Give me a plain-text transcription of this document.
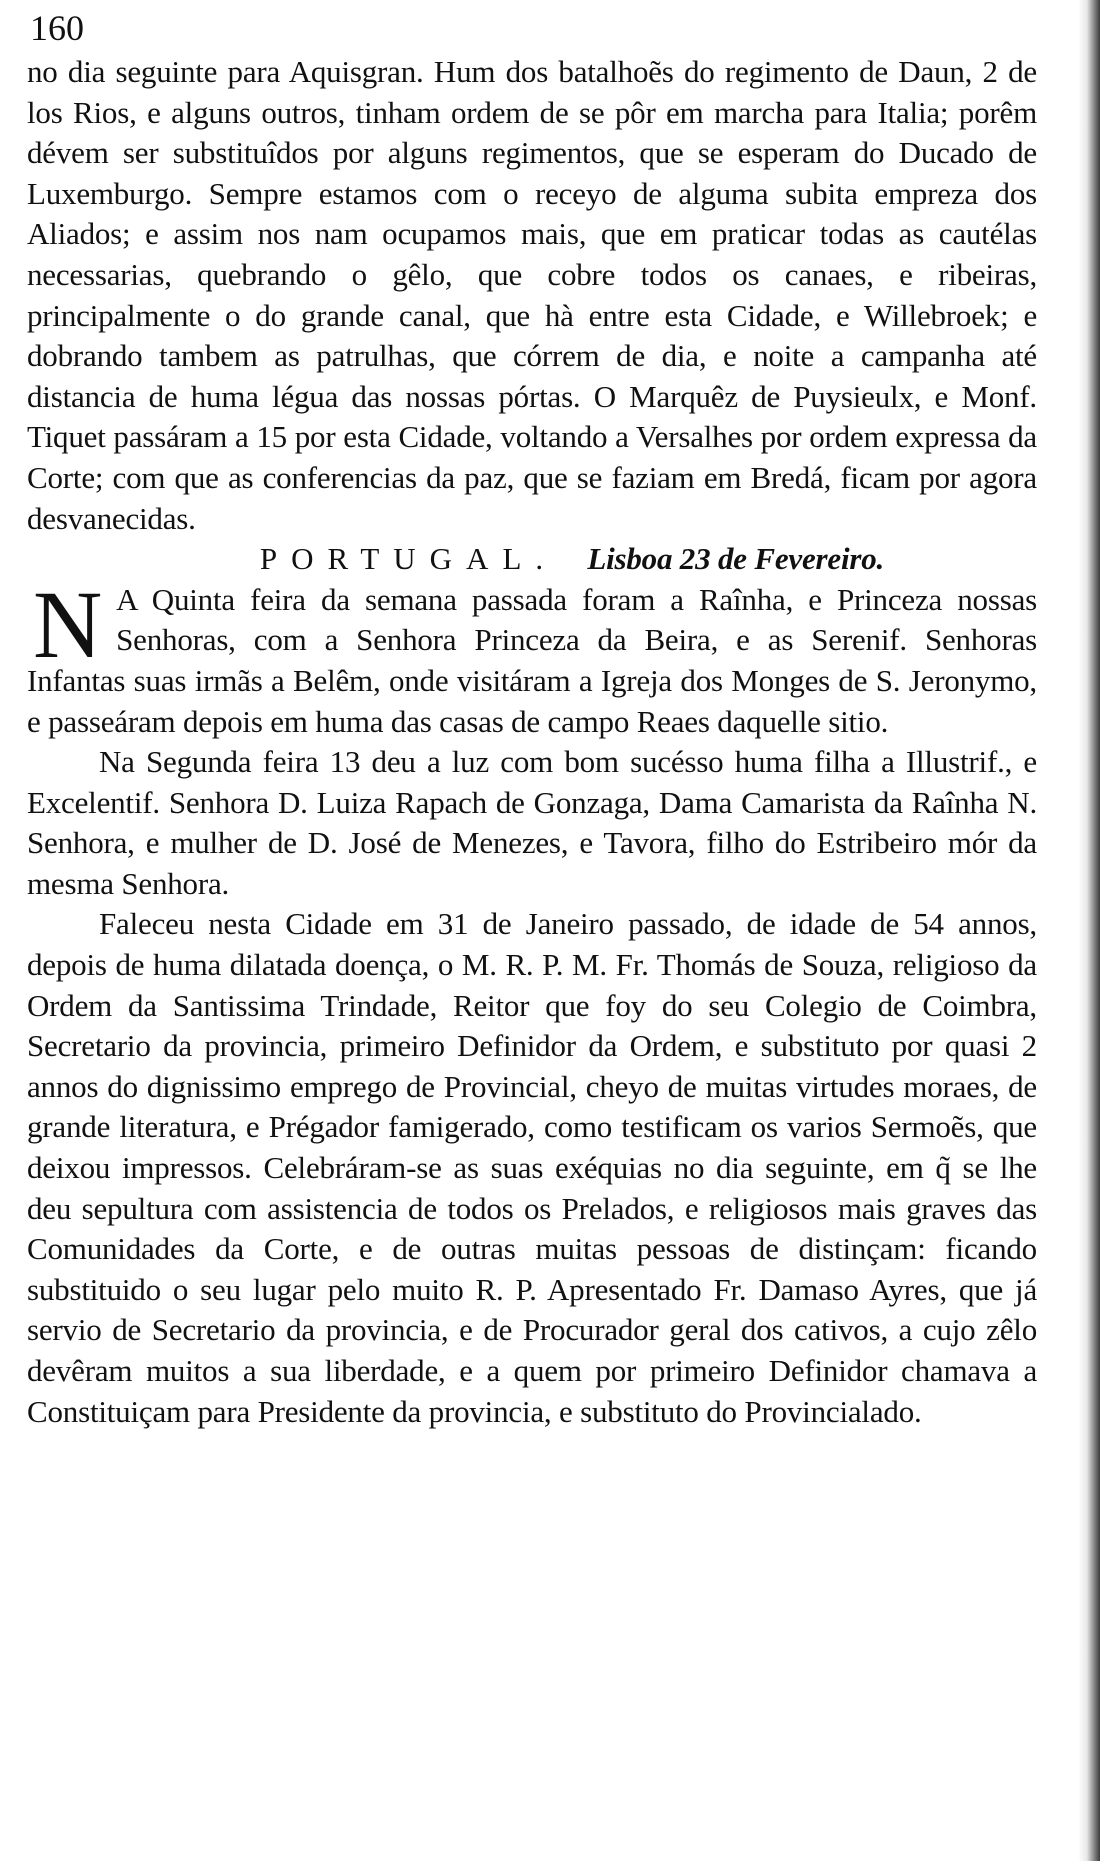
160

no dia seguinte para Aquisgran. Hum dos batalhoẽs do regimento de Daun, 2 de los Rios, e alguns outros, tinham ordem de se pôr em marcha para Italia; porêm dévem ser substituîdos por alguns regimentos, que se esperam do Ducado de Luxemburgo. Sempre estamos com o receyo de alguma subita empreza dos Aliados; e assim nos nam ocupamos mais, que em praticar todas as cautélas necessarias, quebrando o gêlo, que cobre todos os canaes, e ribeiras, principalmente o do grande canal, que hà entre esta Cidade, e Willebroek; e dobrando tambem as patrulhas, que córrem de dia, e noite a campanha até distancia de huma légua das nossas pórtas. O Marquêz de Puysieulx, e Monf. Tiquet passáram a 15 por esta Cidade, voltando a Versalhes por ordem expressa da Corte; com que as conferencias da paz, que se faziam em Bredá, ficam por agora desvanecidas.

PORTUGAL. Lisboa 23 de Fevereiro.

N A Quinta feira da semana passada foram a Raînha, e Princeza nossas Senhoras, com a Senhora Princeza da Beira, e as Serenif. Senhoras Infantas suas irmãs a Belêm, onde visitáram a Igreja dos Monges de S. Jeronymo, e passeáram depois em huma das casas de campo Reaes daquelle sitio.

Na Segunda feira 13 deu a luz com bom sucésso huma filha a Illustrif., e Excelentif. Senhora D. Luiza Rapach de Gonzaga, Dama Camarista da Raînha N. Senhora, e mulher de D. José de Menezes, e Tavora, filho do Estribeiro mór da mesma Senhora.

Faleceu nesta Cidade em 31 de Janeiro passado, de idade de 54 annos, depois de huma dilatada doença, o M. R. P. M. Fr. Thomás de Souza, religioso da Ordem da Santissima Trindade, Reitor que foy do seu Colegio de Coimbra, Secretario da provincia, primeiro Definidor da Ordem, e substituto por quasi 2 annos do dignissimo emprego de Provincial, cheyo de muitas virtudes moraes, de grande literatura, e Prégador famigerado, como testificam os varios Sermoẽs, que deixou impressos. Celebráram-se as suas exéquias no dia seguinte, em q̃ se lhe deu sepultura com assistencia de todos os Prelados, e religiosos mais graves das Comunidades da Corte, e de outras muitas pessoas de distinçam: ficando substituido o seu lugar pelo muito R. P. Apresentado Fr. Damaso Ayres, que já servio de Secretario da provincia, e de Procurador geral dos cativos, a cujo zêlo devêram muitos a sua liberdade, e a quem por primeiro Definidor chamava a Constituiçam para Presidente da provincia, e substituto do Provincialado.
